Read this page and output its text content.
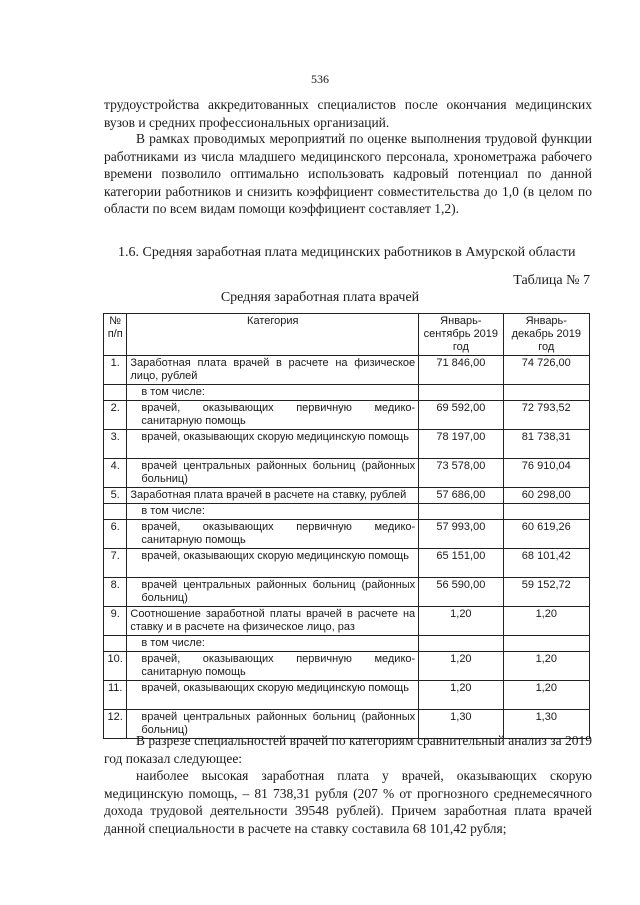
536

трудоустройства аккредитованных специалистов после окончания медицинских вузов и средних профессиональных организаций.

В рамках проводимых мероприятий по оценке выполнения трудовой функции работниками из числа младшего медицинского персонала, хронометража рабочего времени позволило оптимально использовать кадровый потенциал по данной категории работников и снизить коэффициент совместительства до 1,0 (в целом по области по всем видам помощи коэффициент составляет 1,2).

1.6. Средняя заработная плата медицинских работников в Амурской области

Таблица № 7
Средняя заработная плата врачей
№ п/п	Категория	Январь-сентябрь 2019 год	Январь-декабрь 2019 год
1.	Заработная плата врачей в расчете на физическое лицо, рублей	71 846,00	74 726,00
	в том числе:		
2.	врачей, оказывающих первичную медико-санитарную помощь	69 592,00	72 793,52
3.	врачей, оказывающих скорую медицинскую помощь	78 197,00	81 738,31
4.	врачей центральных районных больниц (районных больниц)	73 578,00	76 910,04
5.	Заработная плата врачей в расчете на ставку, рублей	57 686,00	60 298,00
	в том числе:		
6.	врачей, оказывающих первичную медико-санитарную помощь	57 993,00	60 619,26
7.	врачей, оказывающих скорую медицинскую помощь	65 151,00	68 101,42
8.	врачей центральных районных больниц (районных больниц)	56 590,00	59 152,72
9.	Соотношение заработной платы врачей в расчете на ставку и в расчете на физическое лицо, раз	1,20	1,20
	в том числе:		
10.	врачей, оказывающих первичную медико-санитарную помощь	1,20	1,20
11.	врачей, оказывающих скорую медицинскую помощь	1,20	1,20
12.	врачей центральных районных больниц (районных больниц)	1,30	1,30

В разрезе специальностей врачей по категориям сравнительный анализ за 2019 год показал следующее:

наиболее высокая заработная плата у врачей, оказывающих скорую медицинскую помощь, – 81 738,31 рубля (207 % от прогнозного среднемесячного дохода трудовой деятельности 39548 рублей). Причем заработная плата врачей данной специальности в расчете на ставку составила 68 101,42 рубля;
